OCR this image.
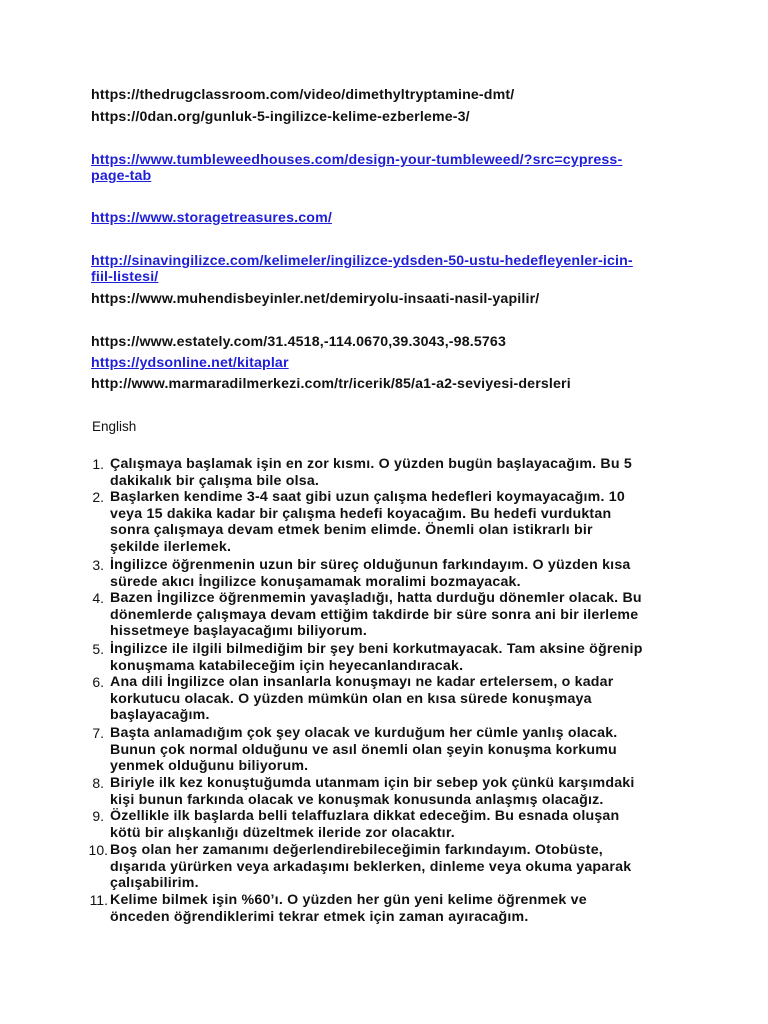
https://thedrugclassroom.com/video/dimethyltryptamine-dmt/
https://0dan.org/gunluk-5-ingilizce-kelime-ezberleme-3/
https://www.tumbleweedhouses.com/design-your-tumbleweed/?src=cypress-
page-tab
https://www.storagetreasures.com/
http://sinavingilizce.com/kelimeler/ingilizce-ydsden-50-ustu-hedefleyenler-icin-
fiil-listesi/
https://www.muhendisbeyinler.net/demiryolu-insaati-nasil-yapilir/
https://www.estately.com/31.4518,-114.0670,39.3043,-98.5763
https://ydsonline.net/kitaplar
http://www.marmaradilmerkezi.com/tr/icerik/85/a1-a2-seviyesi-dersleri
English
1. Çalışmaya başlamak işin en zor kısmı. O yüzden bugün başlayacağım. Bu 5
dakikalık bir çalışma bile olsa.
2. Başlarken kendime 3-4 saat gibi uzun çalışma hedefleri koymayacağım. 10
veya 15 dakika kadar bir çalışma hedefi koyacağım. Bu hedefi vurduktan
sonra çalışmaya devam etmek benim elimde. Önemli olan istikrarlı bir
şekilde ilerlemek.
3. İngilizce öğrenmenin uzun bir süreç olduğunun farkındayım. O yüzden kısa
sürede akıcı İngilizce konuşamamak moralimi bozmayacak.
4. Bazen İngilizce öğrenmemin yavaşladığı, hatta durduğu dönemler olacak. Bu
dönemlerde çalışmaya devam ettiğim takdirde bir süre sonra ani bir ilerleme
hissetmeye başlayacağımı biliyorum.
5. İngilizce ile ilgili bilmediğim bir şey beni korkutmayacak. Tam aksine öğrenip
konuşmama katabileceğim için heyecanlandıracak.
6. Ana dili İngilizce olan insanlarla konuşmayı ne kadar ertelersem, o kadar
korkutucu olacak. O yüzden mümkün olan en kısa sürede konuşmaya
başlayacağım.
7. Başta anlamadığım çok şey olacak ve kurduğum her cümle yanlış olacak.
Bunun çok normal olduğunu ve asıl önemli olan şeyin konuşma korkumu
yenmek olduğunu biliyorum.
8. Biriyle ilk kez konuştuğumda utanmam için bir sebep yok çünkü karşımdaki
kişi bunun farkında olacak ve konuşmak konusunda anlaşmış olacağız.
9. Özellikle ilk başlarda belli telaffuzlara dikkat edeceğim. Bu esnada oluşan
kötü bir alışkanlığı düzeltmek ileride zor olacaktır.
10. Boş olan her zamanımı değerlendirebileceğimin farkındayım. Otobüste,
dışarıda yürürken veya arkadaşımı beklerken, dinleme veya okuma yaparak
çalışabilirim.
11. Kelime bilmek işin %60’ı. O yüzden her gün yeni kelime öğrenmek ve
önceden öğrendiklerimi tekrar etmek için zaman ayıracağım.
